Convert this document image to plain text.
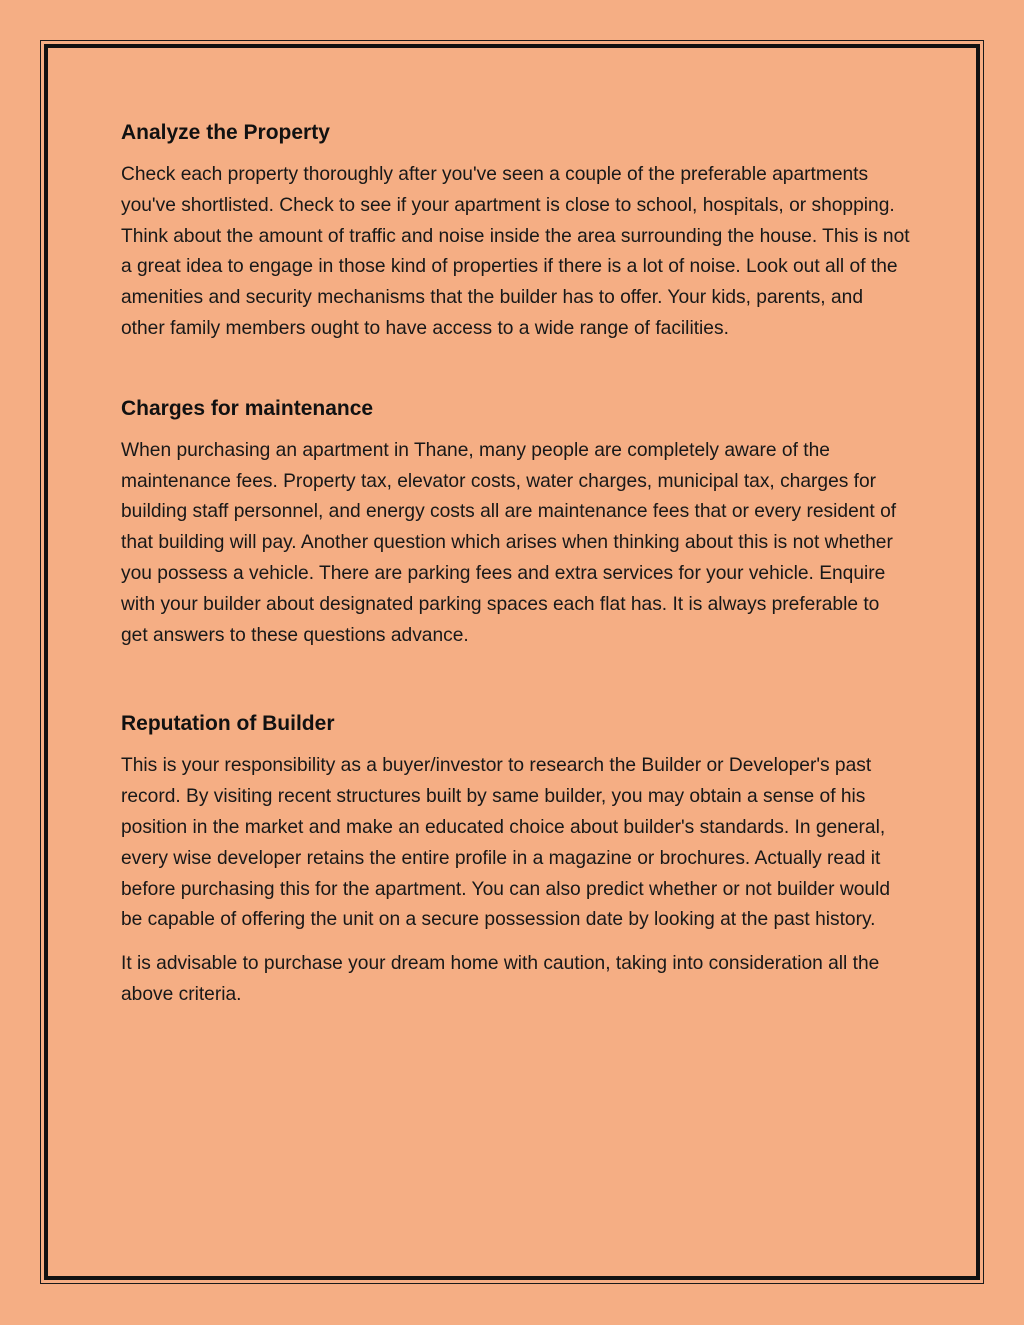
Analyze the Property

Check each property thoroughly after you've seen a couple of the preferable apartments you've shortlisted. Check to see if your apartment is close to school, hospitals, or shopping. Think about the amount of traffic and noise inside the area surrounding the house. This is not a great idea to engage in those kind of properties if there is a lot of noise. Look out all of the amenities and security mechanisms that the builder has to offer. Your kids, parents, and other family members ought to have access to a wide range of facilities.

Charges for maintenance

When purchasing an apartment in Thane, many people are completely aware of the maintenance fees. Property tax, elevator costs, water charges, municipal tax, charges for building staff personnel, and energy costs all are maintenance fees that or every resident of that building will pay. Another question which arises when thinking about this is not whether you possess a vehicle. There are parking fees and extra services for your vehicle. Enquire with your builder about designated parking spaces each flat has. It is always preferable to get answers to these questions advance.

Reputation of Builder

This is your responsibility as a buyer/investor to research the Builder or Developer's past record. By visiting recent structures built by same builder, you may obtain a sense of his position in the market and make an educated choice about builder's standards. In general, every wise developer retains the entire profile in a magazine or brochures. Actually read it before purchasing this for the apartment. You can also predict whether or not builder would be capable of offering the unit on a secure possession date by looking at the past history.

It is advisable to purchase your dream home with caution, taking into consideration all the above criteria.
